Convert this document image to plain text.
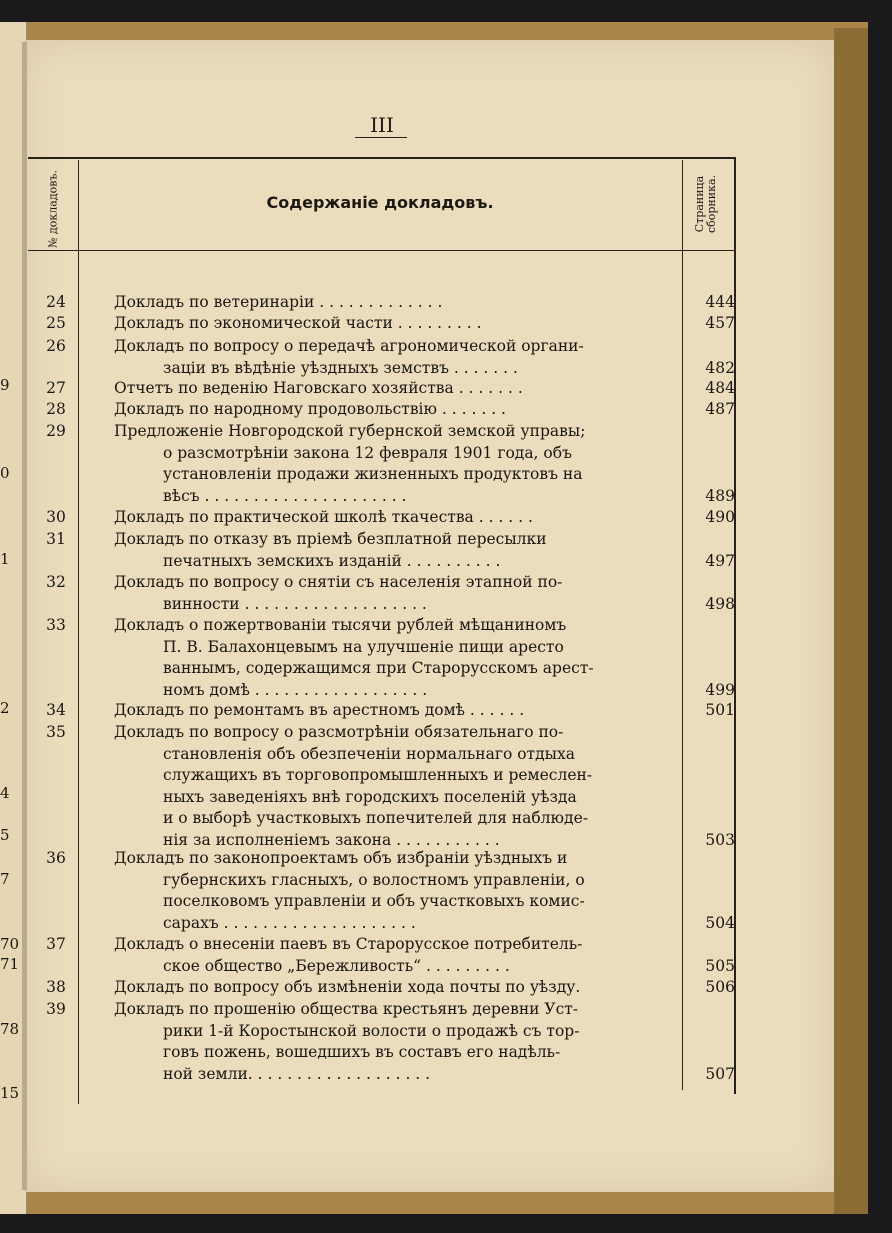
9
0
1
2
4
5
7
70
71
78
15
III
№ докладовъ.	Содержаніе докладовъ.	Страница
сборника.
24	Докладъ по ветеринаріи . . . . . . . . . . . . .	444
25	Докладъ по экономической части . . . . . . . . .	457
26	Докладъ по вопросу о передачѣ агрономической органи-
заціи въ вѣдѣніе уѣздныхъ земствъ . . . . . . .	482
27	Отчетъ по веденію Наговскаго хозяйства . . . . . . .	484
28	Докладъ по народному продовольствію . . . . . . .	487
29	Предложеніе Новгородской губернской земской управы;
о разсмотрѣніи закона 12 февраля 1901 года, объ
установленіи продажи жизненныхъ продуктовъ на
вѣсъ . . . . . . . . . . . . . . . . . . . . .	489
30	Докладъ по практической школѣ ткачества . . . . . .	490
31	Докладъ по отказу въ пріемѣ безплатной пересылки
печатныхъ земскихъ изданій . . . . . . . . . .	497
32	Докладъ по вопросу о снятіи съ населенія этапной по-
винности . . . . . . . . . . . . . . . . . . .	498
33	Докладъ о пожертвованіи тысячи рублей мѣщаниномъ
П. В. Балахонцевымъ на улучшеніе пищи аресто
ваннымъ, содержащимся при Старорусскомъ арест-
номъ домѣ . . . . . . . . . . . . . . . . . .	499
34	Докладъ по ремонтамъ въ арестномъ домѣ . . . . . .	501
35	Докладъ по вопросу о разсмотрѣніи обязательнаго по-
становленія объ обезпеченіи нормальнаго отдыха
служащихъ въ торговопромышленныхъ и ремеслен-
ныхъ заведеніяхъ внѣ городскихъ поселеній уѣзда
и о выборѣ участковыхъ попечителей для наблюде-
нія за исполненіемъ закона . . . . . . . . . . .	503
36	Докладъ по законопроектамъ объ избраніи уѣздныхъ и
губернскихъ гласныхъ, о волостномъ управленіи, о
поселковомъ управленіи и объ участковыхъ комис-
сарахъ . . . . . . . . . . . . . . . . . . . .	504
37	Докладъ о внесеніи паевъ въ Старорусское потребитель-
ское общество „Бережливость“ . . . . . . . . .	505
38	Докладъ по вопросу объ измѣненіи хода почты по уѣзду.	506
39	Докладъ по прошенію общества крестьянъ деревни Уст-
рики 1-й Коростынской волости о продажѣ съ тор-
говъ пожень, вошедшихъ въ составъ его надѣль-
ной земли. . . . . . . . . . . . . . . . . . .	507
